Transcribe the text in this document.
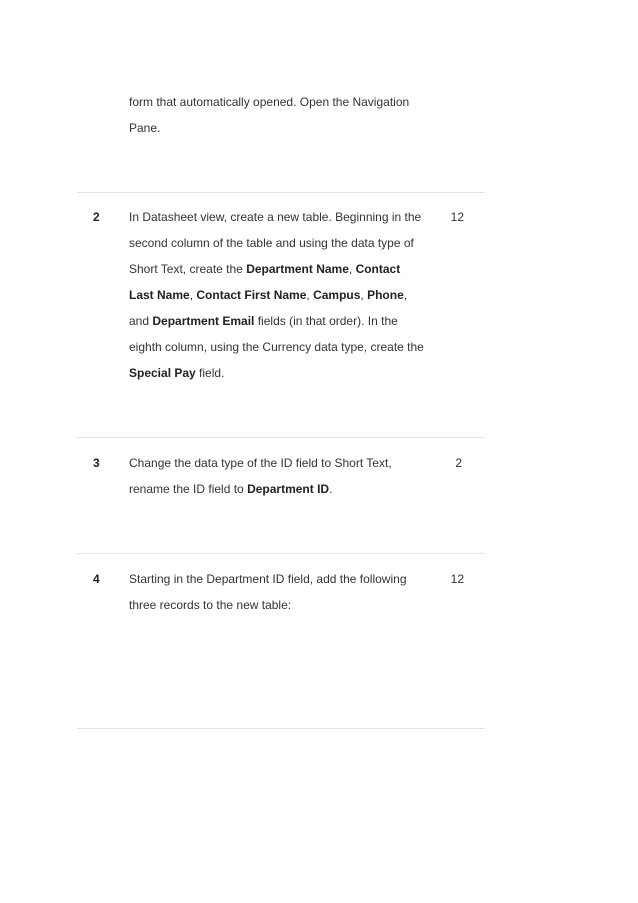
form that automatically opened. Open the Navigation
Pane.
2 In Datasheet view, create a new table. Beginning in the
second column of the table and using the data type of
Short Text, create the Department Name, Contact
Last Name, Contact First Name, Campus, Phone,
and Department Email fields (in that order). In the
eighth column, using the Currency data type, create the
Special Pay field.
12
3 Change the data type of the ID field to Short Text,
rename the ID field to Department ID.
2
4 Starting in the Department ID field, add the following
three records to the new table:
12
